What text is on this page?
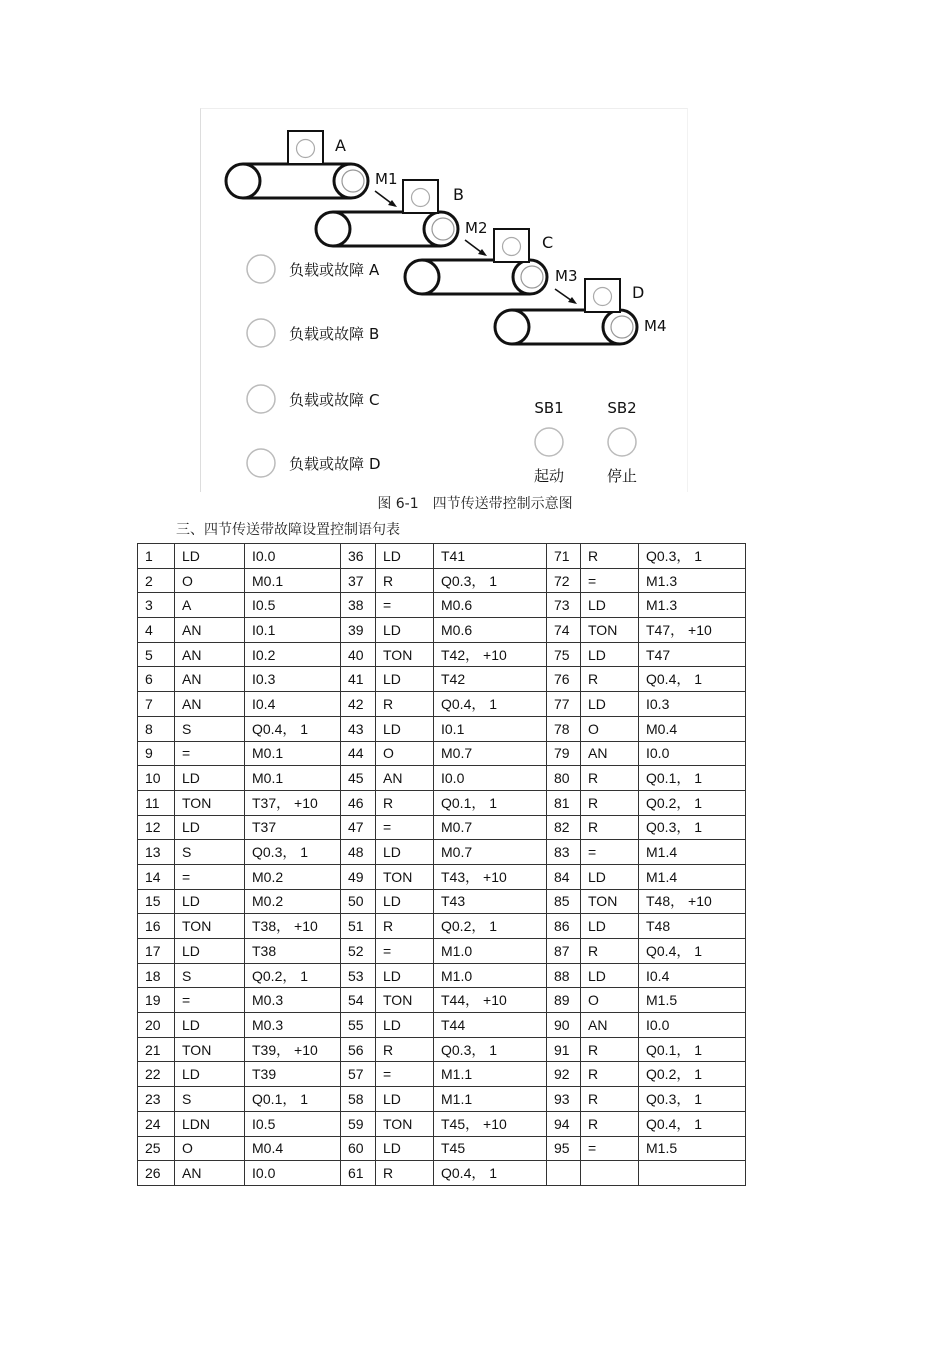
A
B
C
D
M1
M2
M3
M4
负载或故障 A
负载或故障 B
负载或故障 C
负载或故障 D
SB1
起动
SB2
停止
图 6-1 四节传送带控制示意图
三、四节传送带故障设置控制语句表
1	LD	I0.0	36	LD	T41	71	R	Q0.3， 1
2	O	M0.1	37	R	Q0.3， 1	72	=	M1.3
3	A	I0.5	38	=	M0.6	73	LD	M1.3
4	AN	I0.1	39	LD	M0.6	74	TON	T47， +10
5	AN	I0.2	40	TON	T42， +10	75	LD	T47
6	AN	I0.3	41	LD	T42	76	R	Q0.4， 1
7	AN	I0.4	42	R	Q0.4， 1	77	LD	I0.3
8	S	Q0.4， 1	43	LD	I0.1	78	O	M0.4
9	=	M0.1	44	O	M0.7	79	AN	I0.0
10	LD	M0.1	45	AN	I0.0	80	R	Q0.1， 1
11	TON	T37， +10	46	R	Q0.1， 1	81	R	Q0.2， 1
12	LD	T37	47	=	M0.7	82	R	Q0.3， 1
13	S	Q0.3， 1	48	LD	M0.7	83	=	M1.4
14	=	M0.2	49	TON	T43， +10	84	LD	M1.4
15	LD	M0.2	50	LD	T43	85	TON	T48， +10
16	TON	T38， +10	51	R	Q0.2， 1	86	LD	T48
17	LD	T38	52	=	M1.0	87	R	Q0.4， 1
18	S	Q0.2， 1	53	LD	M1.0	88	LD	I0.4
19	=	M0.3	54	TON	T44， +10	89	O	M1.5
20	LD	M0.3	55	LD	T44	90	AN	I0.0
21	TON	T39， +10	56	R	Q0.3， 1	91	R	Q0.1， 1
22	LD	T39	57	=	M1.1	92	R	Q0.2， 1
23	S	Q0.1， 1	58	LD	M1.1	93	R	Q0.3， 1
24	LDN	I0.5	59	TON	T45， +10	94	R	Q0.4， 1
25	O	M0.4	60	LD	T45	95	=	M1.5
26	AN	I0.0	61	R	Q0.4， 1			
